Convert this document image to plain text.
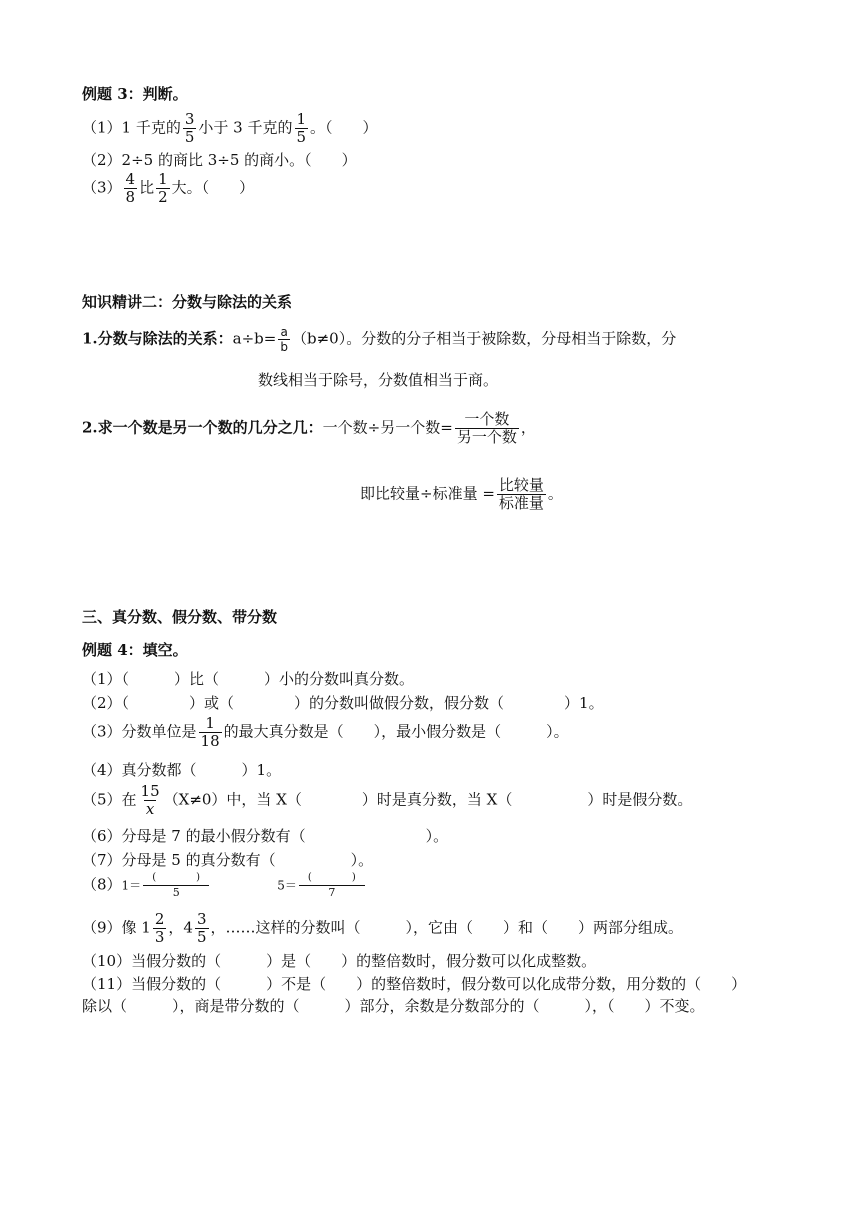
例题 3：判断。
（1）1 千克的 $\frac{3}{5}$ 小于 3 千克的 $\frac{1}{5}$ 。（　　）
（2）2÷5 的商比 3÷5 的商小。（　　）
$(3) \frac{4}{8}$ 比 $\frac{1}{2}$ 大。（　　）
知识精讲二：分数与除法的关系
1.分数与除法的关系：$a\div b= \frac{a}{b} (b\ne 0)$。分数的分子相当于被除数，分母相当于除数，分
数线相当于除号，分数值相当于商。
2.求一个数是另一个数的几分之几：一个数÷另一个数= $\frac{\text{一个数}}{\text{另一个数}}$ ，
即比较量÷标准量 = $\frac{\text{比较量}}{\text{标准量}}$ 。
三、真分数、假分数、带分数
例题 4：填空。
（1）（　　　）比（　　　）小的分数叫真分数。
（2）（　　　　）或（　　　　）的分数叫做假分数，假分数（　　　　）1。
（3）分数单位是 $\frac{1}{18}$ 的最大真分数是（　　），最小假分数是（　　　）。
（4）真分数都（　　　）1。
（5）在 $\frac{15}{x} (X\ne 0)$中，当 X（　　　　）时是真分数，当 X（　　　　　）时是假分数。
（6）分母是 7 的最小假分数有（　　　　　　　　）。
（7）分母是 5 的真分数有（　　　　　）。
$(8)1= \frac{( )}{5}$	$5= \frac{( )}{7}$
（9）像 $1 \frac{2}{3}$ ，$4 \frac{3}{5}$ ，……这样的分数叫（　　　），它由（　　）和（　　）两部分组成。
（10）当假分数的（　　　）是（　　）的整倍数时，假分数可以化成整数。
（11）当假分数的（　　　）不是（　　）的整倍数时，假分数可以化成带分数，用分数的（　　）
除以（　　　），商是带分数的（　　　）部分，余数是分数部分的（　　　），（　　）不变。
